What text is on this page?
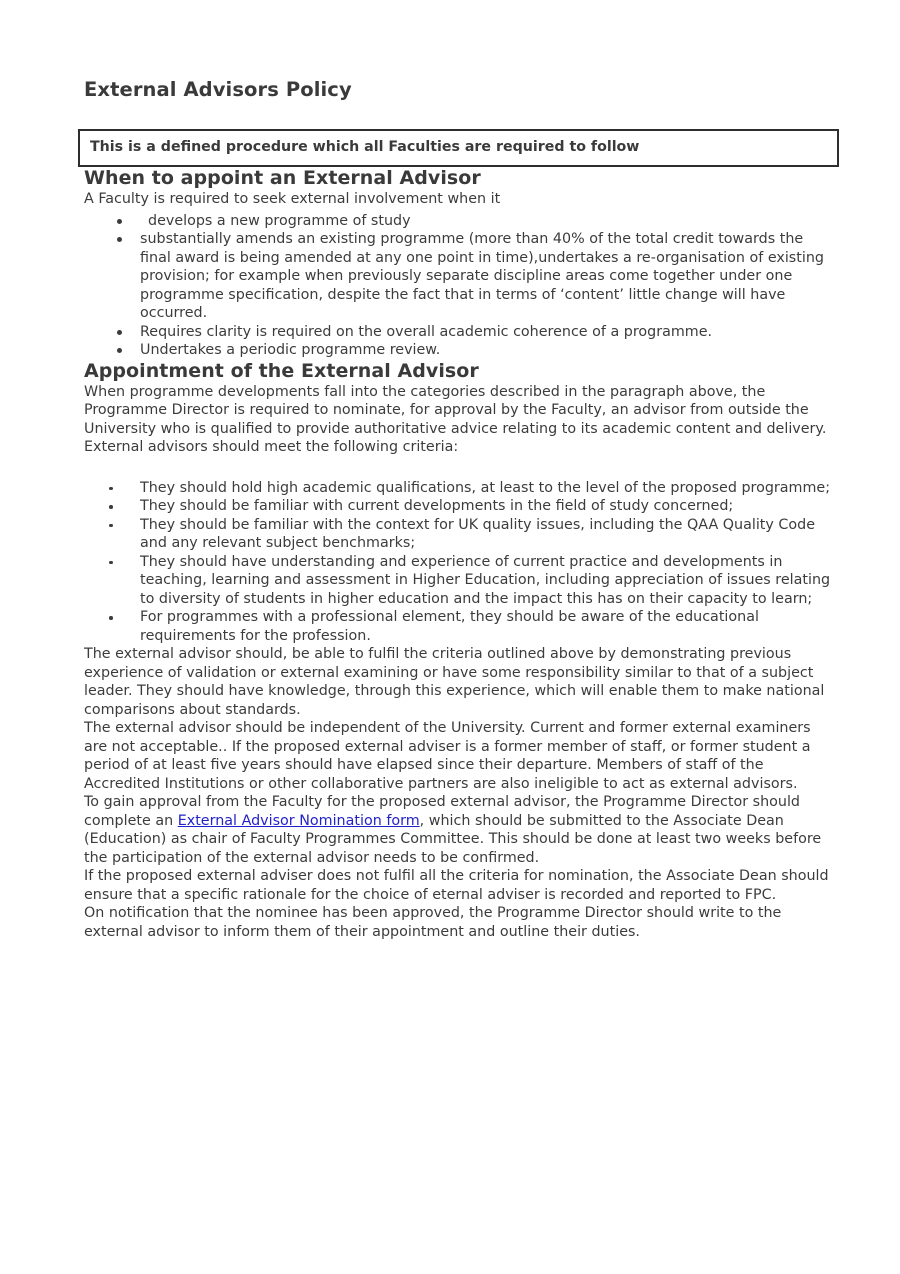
External Advisors Policy
This is a defined procedure which all Faculties are required to follow
When to appoint an External Advisor

A Faculty is required to seek external involvement when it

develops a new programme of study
substantially amends an existing programme (more than 40% of the total credit towards the final award is being amended at any one point in time),undertakes a re-organisation of existing provision; for example when previously separate discipline areas come together under one programme specification, despite the fact that in terms of ‘content’ little change will have occurred.
Requires clarity is required on the overall academic coherence of a programme.
Undertakes a periodic programme review.
Appointment of the External Advisor

When programme developments fall into the categories described in the paragraph above, the Programme Director is required to nominate, for approval by the Faculty, an advisor from outside the University who is qualified to provide authoritative advice relating to its academic content and delivery. External advisors should meet the following criteria:

They should hold high academic qualifications, at least to the level of the proposed programme;
They should be familiar with current developments in the field of study concerned;
They should be familiar with the context for UK quality issues, including the QAA Quality Code and any relevant subject benchmarks;
They should have understanding and experience of current practice and developments in teaching, learning and assessment in Higher Education, including appreciation of issues relating to diversity of students in higher education and the impact this has on their capacity to learn;
For programmes with a professional element, they should be aware of the educational requirements for the profession.

The external advisor should, be able to fulfil the criteria outlined above by demonstrating previous experience of validation or external examining or have some responsibility similar to that of a subject leader. They should have knowledge, through this experience, which will enable them to make national comparisons about standards.

The external advisor should be independent of the University. Current and former external examiners are not acceptable.. If the proposed external adviser is a former member of staff, or former student a period of at least five years should have elapsed since their departure. Members of staff of the Accredited Institutions or other collaborative partners are also ineligible to act as external advisors.

To gain approval from the Faculty for the proposed external advisor, the Programme Director should complete an External Advisor Nomination form, which should be submitted to the Associate Dean (Education) as chair of Faculty Programmes Committee. This should be done at least two weeks before the participation of the external advisor needs to be confirmed.

If the proposed external adviser does not fulfil all the criteria for nomination, the Associate Dean should ensure that a specific rationale for the choice of eternal adviser is recorded and reported to FPC.

On notification that the nominee has been approved, the Programme Director should write to the external advisor to inform them of their appointment and outline their duties.
